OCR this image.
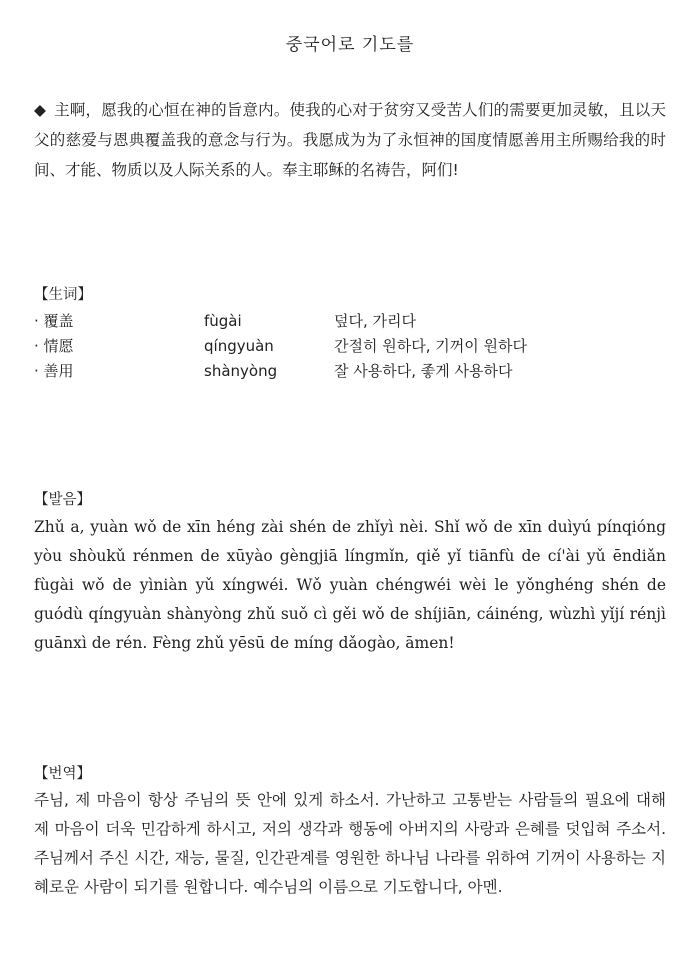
중국어로 기도를
◆ 主啊，愿我的心恒在神的旨意内。使我的心对于贫穷又受苦人们的需要更加灵敏，且以天父的慈爱与恩典覆盖我的意念与行为。我愿成为为了永恒神的国度情愿善用主所赐给我的时间、才能、物质以及人际关系的人。奉主耶稣的名祷告，阿们!
【生词】
· 覆盖	fùgài	덮다, 가리다
· 情愿	qíngyuàn	간절히 원하다, 기꺼이 원하다
· 善用	shànyòng	잘 사용하다, 좋게 사용하다
【발음】
Zhǔ a, yuàn wǒ de xīn héng zài shén de zhǐyì nèi. Shǐ wǒ de xīn duìyú pínqióng yòu shòukǔ rénmen de xūyào gèngjiā língmǐn, qiě yǐ tiānfù de cí'ài yǔ ēndiǎn fùgài wǒ de yìniàn yǔ xíngwéi. Wǒ yuàn chéngwéi wèi le yǒnghéng shén de guódù qíngyuàn shànyòng zhǔ suǒ cì gěi wǒ de shíjiān, cáinéng, wùzhì yǐjí rénjì guānxì de rén. Fèng zhǔ yēsū de míng dǎogào, āmen!
【번역】
주님, 제 마음이 항상 주님의 뜻 안에 있게 하소서. 가난하고 고통받는 사람들의 필요에 대해 제 마음이 더욱 민감하게 하시고, 저의 생각과 행동에 아버지의 사랑과 은혜를 덧입혀 주소서. 주님께서 주신 시간, 재능, 물질, 인간관계를 영원한 하나님 나라를 위하여 기꺼이 사용하는 지혜로운 사람이 되기를 원합니다. 예수님의 이름으로 기도합니다, 아멘.
